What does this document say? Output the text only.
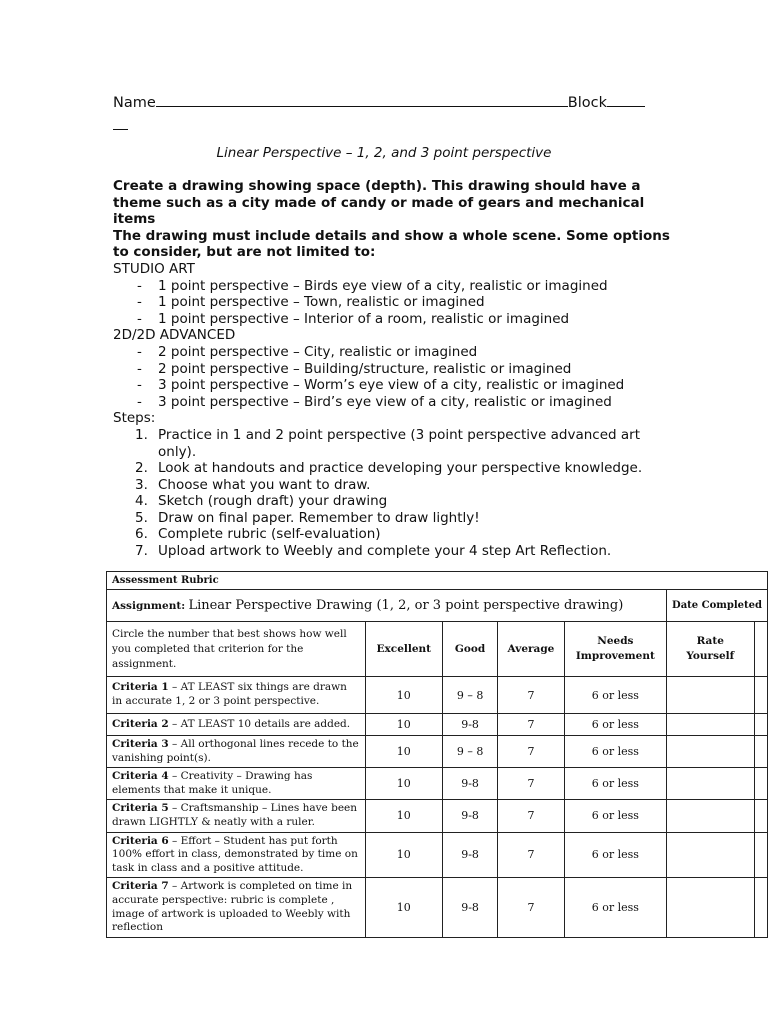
Name	Block
Linear Perspective – 1, 2, and 3 point perspective

Create a drawing showing space (depth). This drawing should have a theme such as a city made of candy or made of gears and mechanical items

The drawing must include details and show a whole scene. Some options to consider, but are not limited to:

STUDIO ART

- 1 point perspective – Birds eye view of a city, realistic or imagined
- 1 point perspective – Town, realistic or imagined
- 1 point perspective – Interior of a room, realistic or imagined

2D/2D ADVANCED

- 2 point perspective – City, realistic or imagined
- 2 point perspective – Building/structure, realistic or imagined
- 3 point perspective – Worm’s eye view of a city, realistic or imagined
- 3 point perspective – Bird’s eye view of a city, realistic or imagined

Steps:

1. Practice in 1 and 2 point perspective (3 point perspective advanced art only).
2. Look at handouts and practice developing your perspective knowledge.
3. Choose what you want to draw.
4. Sketch (rough draft) your drawing
5. Draw on final paper. Remember to draw lightly!
6. Complete rubric (self-evaluation)
7. Upload artwork to Weebly and complete your 4 step Art Reflection.
Assessment Rubric						
Assignment: Linear Perspective Drawing (1, 2, or 3 point perspective drawing)					Date Completed	
Circle the number that best shows how well you completed that criterion for the assignment.	Excellent	Good	Average	Needs Improvement	Rate Yourself	
Criteria 1 – AT LEAST six things are drawn in accurate 1, 2 or 3 point perspective.	10	9 – 8	7	6 or less		
Criteria 2 – AT LEAST 10 details are added.	10	9-8	7	6 or less		
Criteria 3 – All orthogonal lines recede to the vanishing point(s).	10	9 – 8	7	6 or less		
Criteria 4 – Creativity – Drawing has elements that make it unique.	10	9-8	7	6 or less		
Criteria 5 – Craftsmanship – Lines have been drawn LIGHTLY & neatly with a ruler.	10	9-8	7	6 or less		
Criteria 6 – Effort – Student has put forth 100% effort in class, demonstrated by time on task in class and a positive attitude.	10	9-8	7	6 or less		
Criteria 7 – Artwork is completed on time in accurate perspective: rubric is complete , image of artwork is uploaded to Weebly with reflection	10	9-8	7	6 or less		
